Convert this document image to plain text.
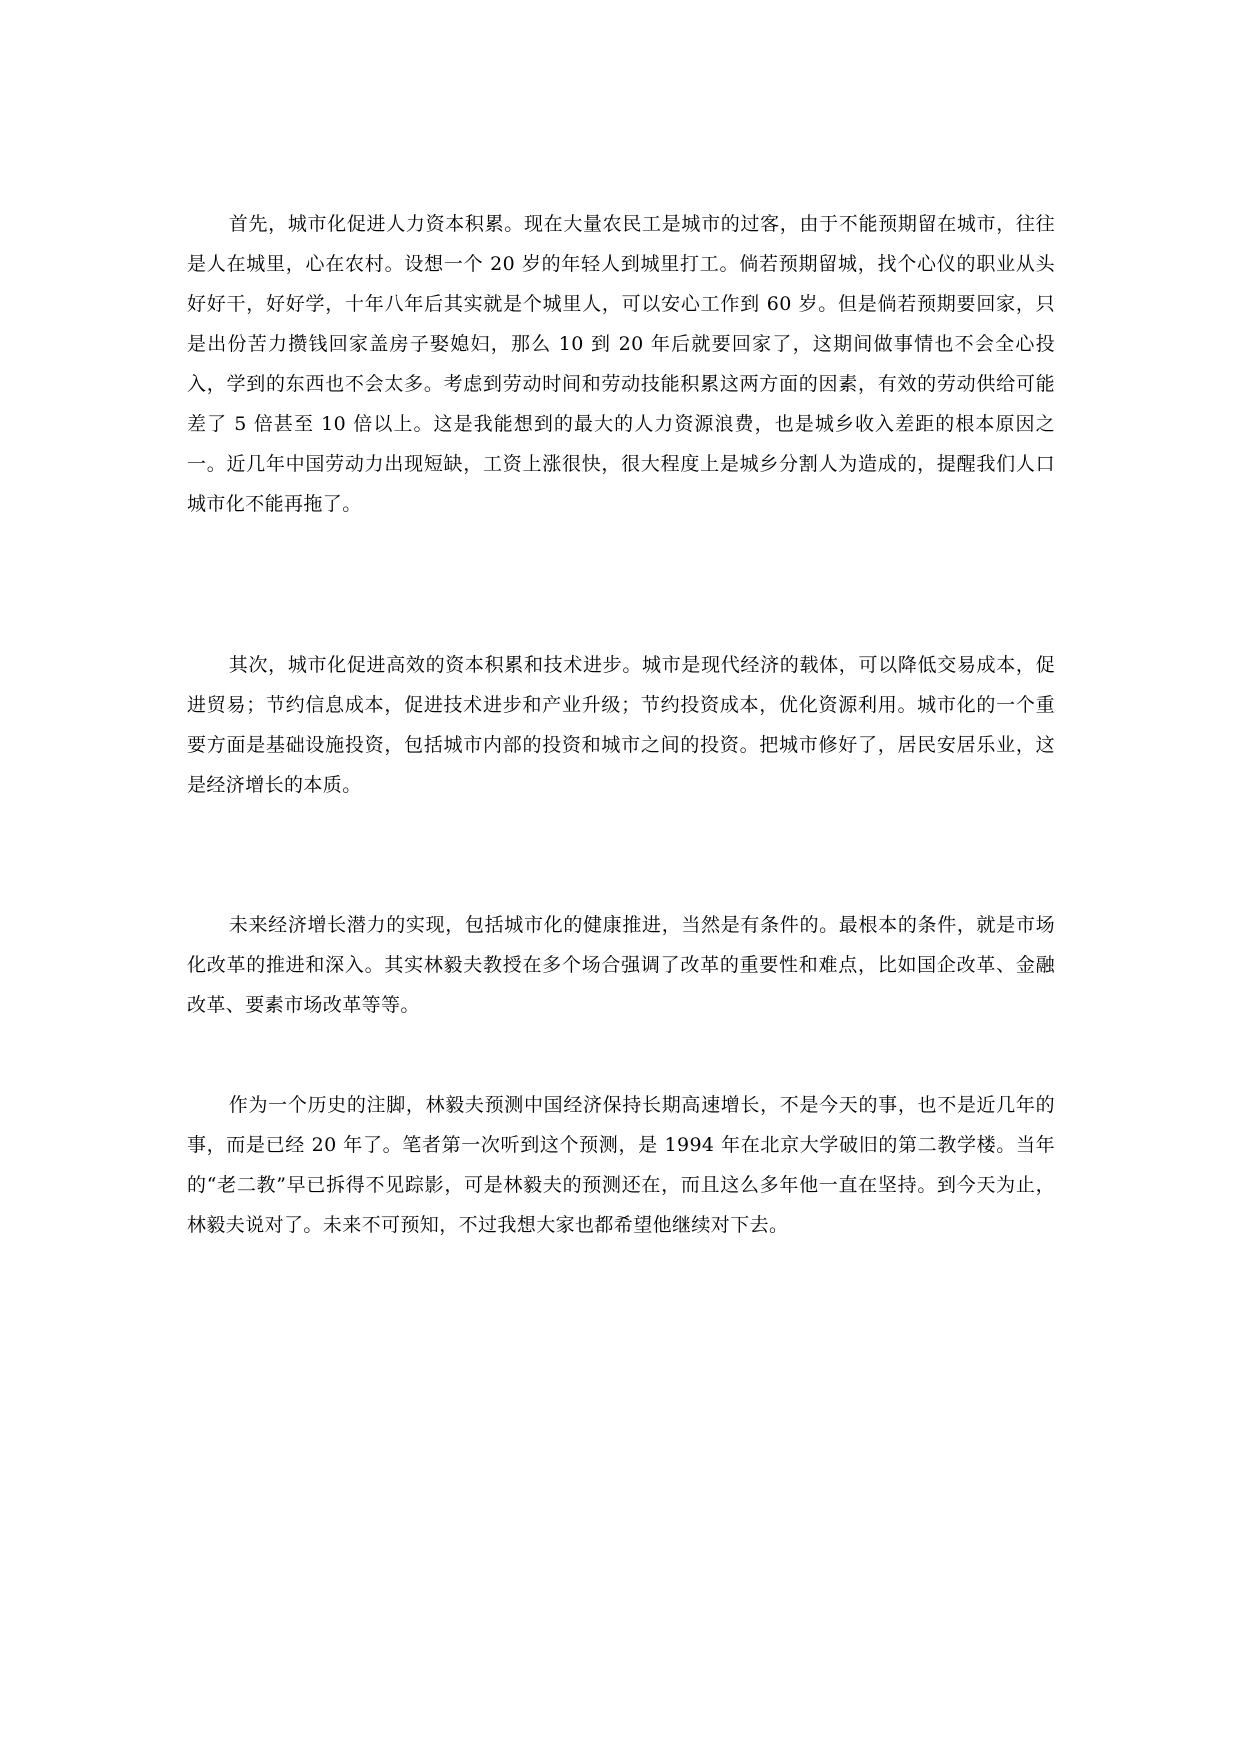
首先，城市化促进人力资本积累。现在大量农民工是城市的过客，由于不能预期留在城市，往往是人在城里，心在农村。设想一个 20 岁的年轻人到城里打工。倘若预期留城，找个心仪的职业从头好好干，好好学，十年八年后其实就是个城里人，可以安心工作到 60 岁。但是倘若预期要回家，只是出份苦力攒钱回家盖房子娶媳妇，那么 10 到 20 年后就要回家了，这期间做事情也不会全心投入，学到的东西也不会太多。考虑到劳动时间和劳动技能积累这两方面的因素，有效的劳动供给可能差了 5 倍甚至 10 倍以上。这是我能想到的最大的人力资源浪费，也是城乡收入差距的根本原因之一。近几年中国劳动力出现短缺，工资上涨很快，很大程度上是城乡分割人为造成的，提醒我们人口城市化不能再拖了。

其次，城市化促进高效的资本积累和技术进步。城市是现代经济的载体，可以降低交易成本，促进贸易；节约信息成本，促进技术进步和产业升级；节约投资成本，优化资源利用。城市化的一个重要方面是基础设施投资，包括城市内部的投资和城市之间的投资。把城市修好了，居民安居乐业，这是经济增长的本质。

未来经济增长潜力的实现，包括城市化的健康推进，当然是有条件的。最根本的条件，就是市场化改革的推进和深入。其实林毅夫教授在多个场合强调了改革的重要性和难点，比如国企改革、金融改革、要素市场改革等等。

作为一个历史的注脚，林毅夫预测中国经济保持长期高速增长，不是今天的事，也不是近几年的事，而是已经 20 年了。笔者第一次听到这个预测，是 1994 年在北京大学破旧的第二教学楼。当年的“老二教”早已拆得不见踪影，可是林毅夫的预测还在，而且这么多年他一直在坚持。到今天为止，林毅夫说对了。未来不可预知，不过我想大家也都希望他继续对下去。
